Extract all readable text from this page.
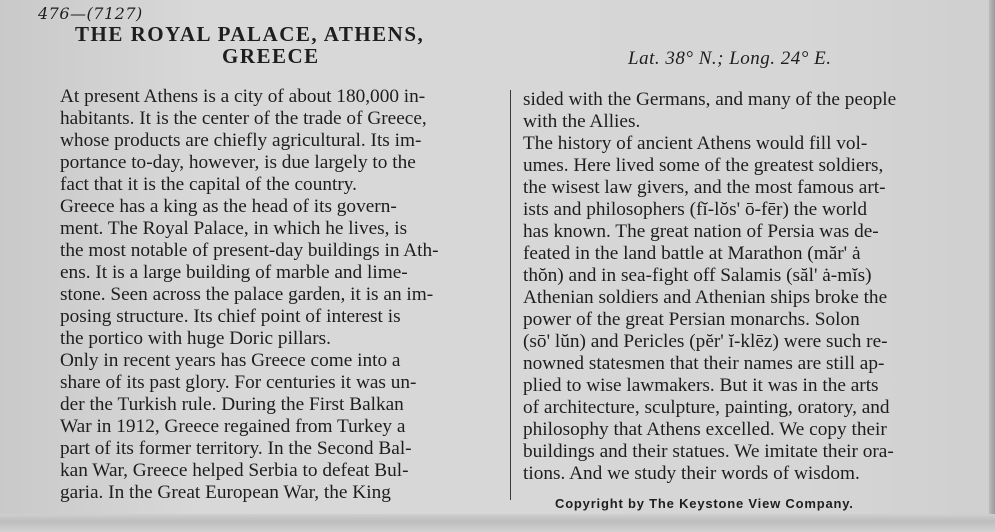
476—(7127)
THE ROYAL PALACE, ATHENS,
GREECE	Lat. 38° N.; Long. 24° E.
At present Athens is a city of about 180,000 in-
habitants. It is the center of the trade of Greece,
whose products are chiefly agricultural. Its im-
portance to-day, however, is due largely to the
fact that it is the capital of the country.
Greece has a king as the head of its govern-
ment. The Royal Palace, in which he lives, is
the most notable of present-day buildings in Ath-
ens. It is a large building of marble and lime-
stone. Seen across the palace garden, it is an im-
posing structure. Its chief point of interest is
the portico with huge Doric pillars.
Only in recent years has Greece come into a
share of its past glory. For centuries it was un-
der the Turkish rule. During the First Balkan
War in 1912, Greece regained from Turkey a
part of its former territory. In the Second Bal-
kan War, Greece helped Serbia to defeat Bul-
garia. In the Great European War, the King
sided with the Germans, and many of the people
with the Allies.
The history of ancient Athens would fill vol-
umes. Here lived some of the greatest soldiers,
the wisest law givers, and the most famous art-
ists and philosophers (fĭ-lŏs' ō-fēr) the world
has known. The great nation of Persia was de-
feated in the land battle at Marathon (măr' ȧ
thŏn) and in sea-fight off Salamis (săl' ȧ-mĭs)
Athenian soldiers and Athenian ships broke the
power of the great Persian monarchs. Solon
(sō' lŭn) and Pericles (pĕr' ĭ-klēz) were such re-
nowned statesmen that their names are still ap-
plied to wise lawmakers. But it was in the arts
of architecture, sculpture, painting, oratory, and
philosophy that Athens excelled. We copy their
buildings and their statues. We imitate their ora-
tions. And we study their words of wisdom.
Copyright by The Keystone View Company.
